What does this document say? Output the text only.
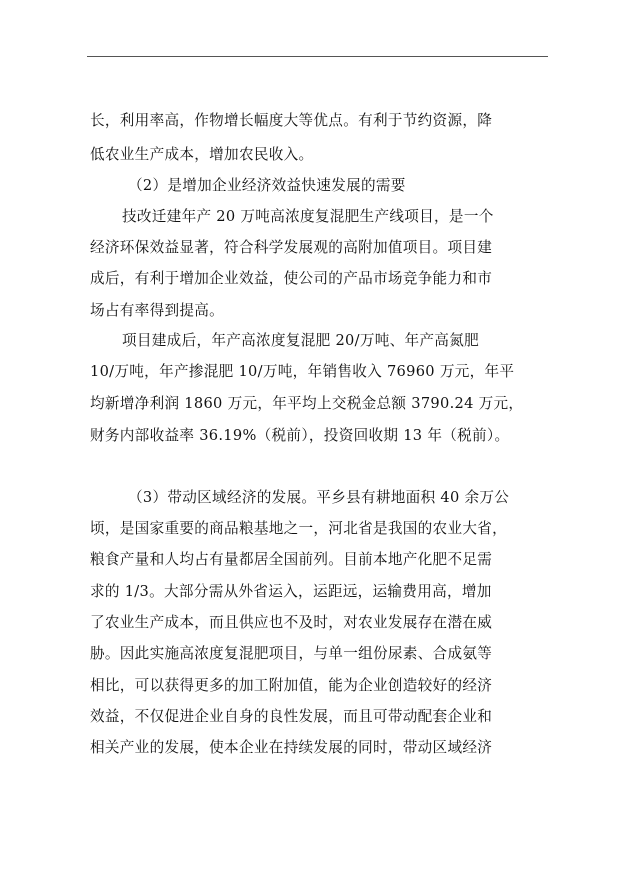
长，利用率高，作物增长幅度大等优点。有利于节约资源，降
低农业生产成本，增加农民收入。
（2）是增加企业经济效益快速发展的需要
技改迁建年产 20 万吨高浓度复混肥生产线项目，是一个
经济环保效益显著，符合科学发展观的高附加值项目。项目建
成后，有利于增加企业效益，使公司的产品市场竞争能力和市
场占有率得到提高。
项目建成后，年产高浓度复混肥 20/万吨、年产高氮肥
10/万吨，年产掺混肥 10/万吨，年销售收入 76960 万元，年平
均新增净利润 1860 万元，年平均上交税金总额 3790.24 万元，
财务内部收益率 36.19%（税前），投资回收期 13 年（税前）。
（3）带动区域经济的发展。平乡县有耕地面积 40 余万公
顷，是国家重要的商品粮基地之一，河北省是我国的农业大省，
粮食产量和人均占有量都居全国前列。目前本地产化肥不足需
求的 1/3。大部分需从外省运入，运距远，运输费用高，增加
了农业生产成本，而且供应也不及时，对农业发展存在潜在威
胁。因此实施高浓度复混肥项目，与单一组份尿素、合成氨等
相比，可以获得更多的加工附加值，能为企业创造较好的经济
效益，不仅促进企业自身的良性发展，而且可带动配套企业和
相关产业的发展，使本企业在持续发展的同时，带动区域经济
